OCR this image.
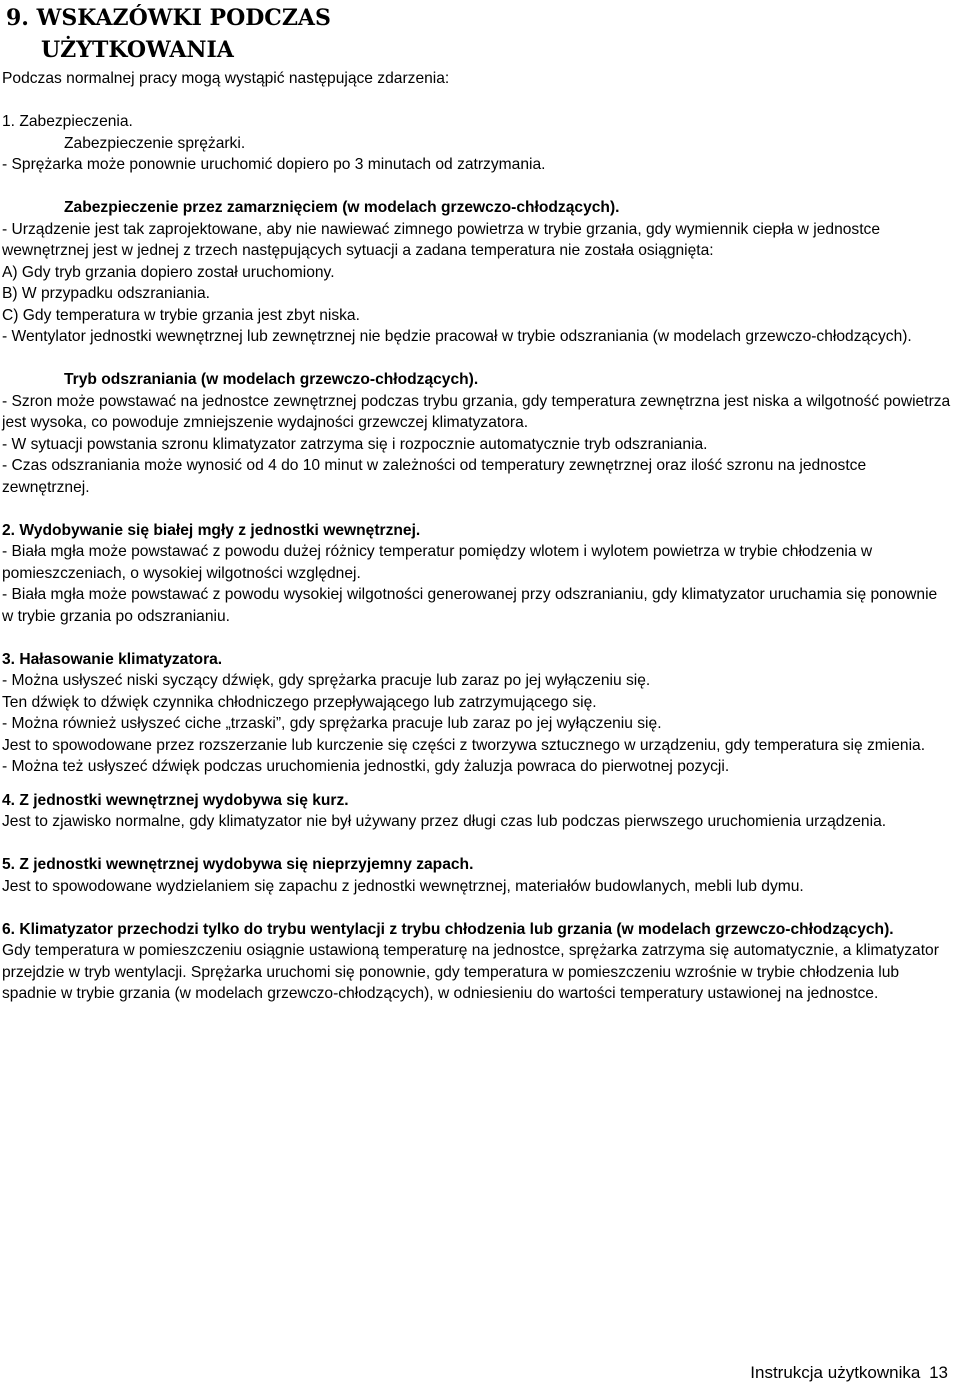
9. WSKAZÓWKI PODCZAS
UŻYTKOWANIA

Podczas normalnej pracy mogą wystąpić następujące zdarzenia:

1. Zabezpieczenia.

Zabezpieczenie sprężarki.

- Sprężarka może ponownie uruchomić dopiero po 3 minutach od zatrzymania.

Zabezpieczenie przez zamarznięciem (w modelach grzewczo-chłodzących).

- Urządzenie jest tak zaprojektowane, aby nie nawiewać zimnego powietrza w trybie grzania, gdy wymiennik ciepła w jednostce wewnętrznej jest w jednej z trzech następujących sytuacji a zadana temperatura nie została osiągnięta:

A) Gdy tryb grzania dopiero został uruchomiony.

B) W przypadku odszraniania.

C) Gdy temperatura w trybie grzania jest zbyt niska.

- Wentylator jednostki wewnętrznej lub zewnętrznej nie będzie pracował w trybie odszraniania (w modelach grzewczo-chłodzących).

Tryb odszraniania (w modelach grzewczo-chłodzących).

- Szron może powstawać na jednostce zewnętrznej podczas trybu grzania, gdy temperatura zewnętrzna jest niska a wilgotność powietrza jest wysoka, co powoduje zmniejszenie wydajności grzewczej klimatyzatora.

- W sytuacji powstania szronu klimatyzator zatrzyma się i rozpocznie automatycznie tryb odszraniania.

- Czas odszraniania może wynosić od 4 do 10 minut w zależności od temperatury zewnętrznej oraz ilość szronu na jednostce zewnętrznej.

2. Wydobywanie się białej mgły z jednostki wewnętrznej.

- Biała mgła może powstawać z powodu dużej różnicy temperatur pomiędzy wlotem i wylotem powietrza w trybie chłodzenia w pomieszczeniach, o wysokiej wilgotności względnej.

- Biała mgła może powstawać z powodu wysokiej wilgotności generowanej przy odszranianiu, gdy klimatyzator uruchamia się ponownie w trybie grzania po odszranianiu.

3. Hałasowanie klimatyzatora.

- Można usłyszeć niski syczący dźwięk, gdy sprężarka pracuje lub zaraz po jej wyłączeniu się.

Ten dźwięk to dźwięk czynnika chłodniczego przepływającego lub zatrzymującego się.

- Można również usłyszeć ciche „trzaski”, gdy sprężarka pracuje lub zaraz po jej wyłączeniu się.

Jest to spowodowane przez rozszerzanie lub kurczenie się części z tworzywa sztucznego w urządzeniu, gdy temperatura się zmienia.

- Można też usłyszeć dźwięk podczas uruchomienia jednostki, gdy żaluzja powraca do pierwotnej pozycji.

4. Z jednostki wewnętrznej wydobywa się kurz.

Jest to zjawisko normalne, gdy klimatyzator nie był używany przez długi czas lub podczas pierwszego uruchomienia urządzenia.

5. Z jednostki wewnętrznej wydobywa się nieprzyjemny zapach.

Jest to spowodowane wydzielaniem się zapachu z jednostki wewnętrznej, materiałów budowlanych, mebli lub dymu.

6. Klimatyzator przechodzi tylko do trybu wentylacji z trybu chłodzenia lub grzania (w modelach grzewczo-chłodzących).

Gdy temperatura w pomieszczeniu osiągnie ustawioną temperaturę na jednostce, sprężarka zatrzyma się automatycznie, a klimatyzator przejdzie w tryb wentylacji. Sprężarka uruchomi się ponownie, gdy temperatura w pomieszczeniu wzrośnie w trybie chłodzenia lub spadnie w trybie grzania (w modelach grzewczo-chłodzących), w odniesieniu do wartości temperatury ustawionej na jednostce.

Instrukcja użytkownika 13
